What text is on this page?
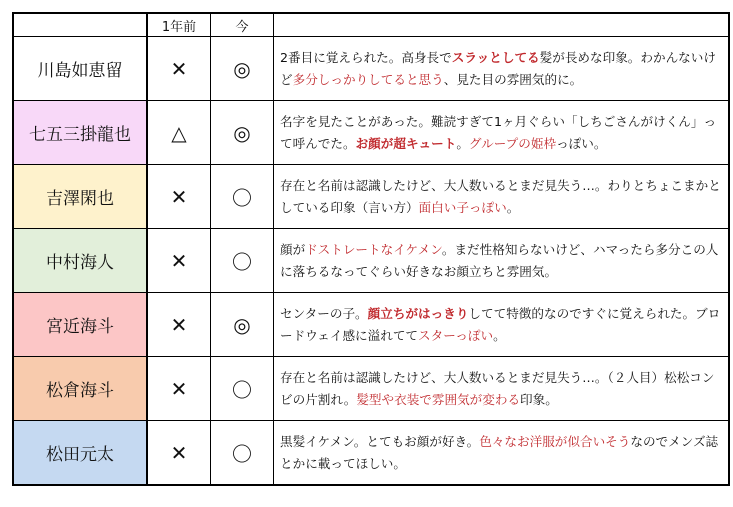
	1年前	今	
川島如恵留	✕	◎	2番目に覚えられた。高身長でスラッとしてる髪が長めな印象。わかんないけど多分しっかりしてると思う、見た目の雰囲気的に。
七五三掛龍也	△	◎	名字を見たことがあった。難読すぎて1ヶ月ぐらい「しちごさんがけくん」って呼んでた。お顔が超キュート。グループの姫枠っぽい。
吉澤閑也	✕	〇	存在と名前は認識したけど、大人数いるとまだ見失う…。わりとちょこまかとしている印象（言い方）面白い子っぽい。
中村海人	✕	〇	顔がドストレートなイケメン。まだ性格知らないけど、ハマったら多分この人に落ちるなってぐらい好きなお顔立ちと雰囲気。
宮近海斗	✕	◎	センターの子。顔立ちがはっきりしてて特徴的なのですぐに覚えられた。ブロードウェイ感に溢れててスターっぽい。
松倉海斗	✕	〇	存在と名前は認識したけど、大人数いるとまだ見失う…。（２人目）松松コンビの片割れ。髪型や衣装で雰囲気が変わる印象。
松田元太	✕	〇	黒髪イケメン。とてもお顔が好き。色々なお洋服が似合いそうなのでメンズ誌とかに載ってほしい。
